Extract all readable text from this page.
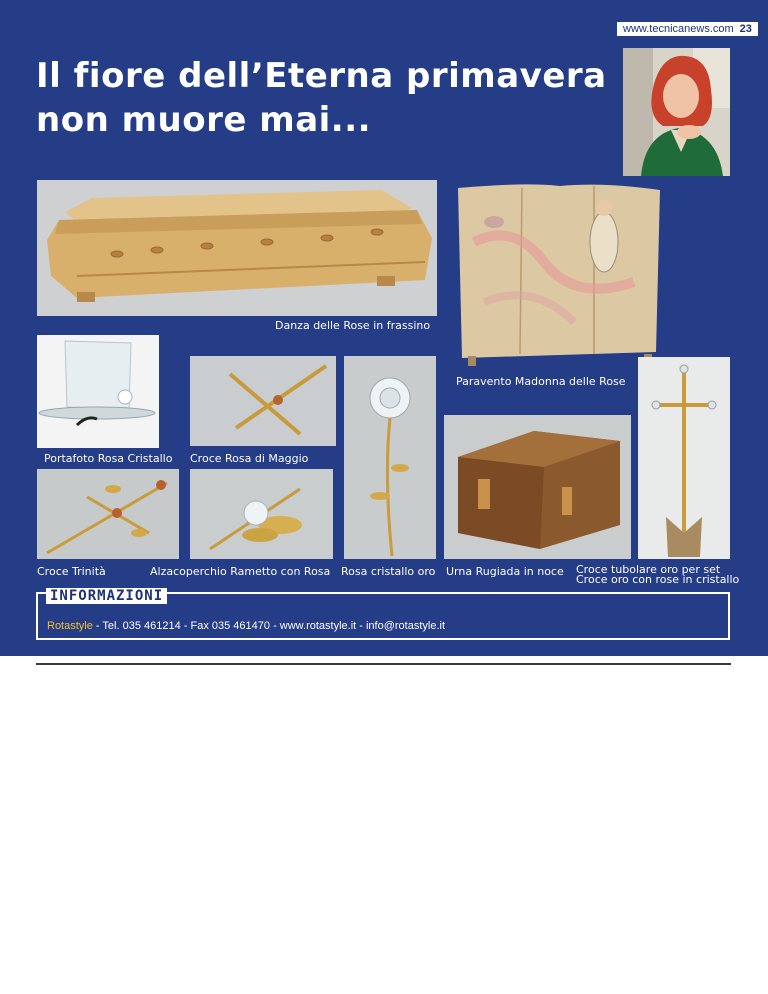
www.tecnicanews.com 23
Il fiore dell’Eterna primavera non muore mai...
Danza delle Rose in frassino
Paravento Madonna delle Rose
Portafoto Rosa Cristallo Croce Rosa di Maggio
Croce Trinità	Alzacoperchio Rametto con Rosa Rosa cristallo oro Urna Rugiada in noce Croce tubolare oro per set
Croce oro con rose in cristallo
INFORMAZIONI
Rotastyle - Tel. 035 461214 - Fax 035 461470 - www.rotastyle.it - info@rotastyle.it
